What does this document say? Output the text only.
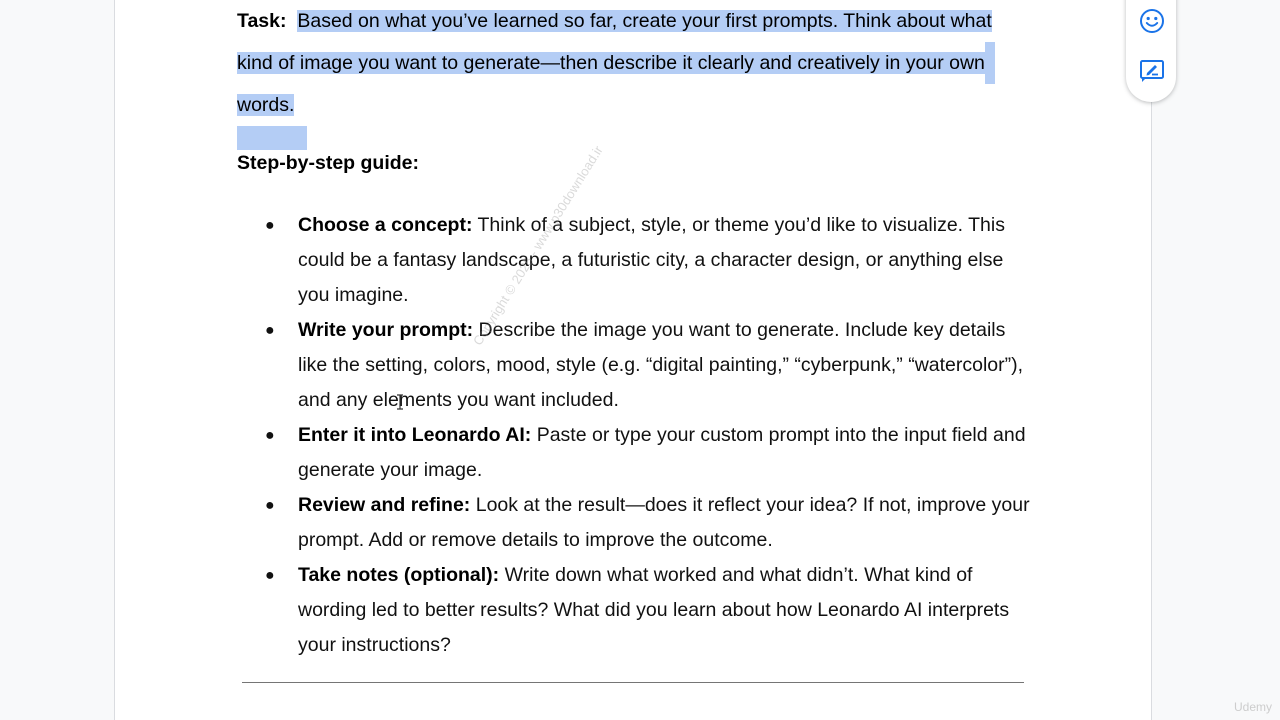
Task: Based on what you’ve learned so far, create your first prompts. Think about what
kind of image you want to generate—then describe it clearly and creatively in your own
words.
Step-by-step guide:
● Choose a concept: Think of a subject, style, or theme you’d like to visualize. This could be a fantasy landscape, a futuristic city, a character design, or anything else you imagine.
● Write your prompt: Describe the image you want to generate. Include key details like the setting, colors, mood, style (e.g. “digital painting,” “cyberpunk,” “watercolor”), and any elements you want included.
● Enter it into Leonardo AI: Paste or type your custom prompt into the input field and generate your image.
● Review and refine: Look at the result—does it reflect your idea? If not, improve your prompt. Add or remove details to improve the outcome.
● Take notes (optional): Write down what worked and what didn’t. What kind of wording led to better results? What did you learn about how Leonardo AI interprets your instructions?
Copyright © 2025 - www.p30download.ir
Udemy
